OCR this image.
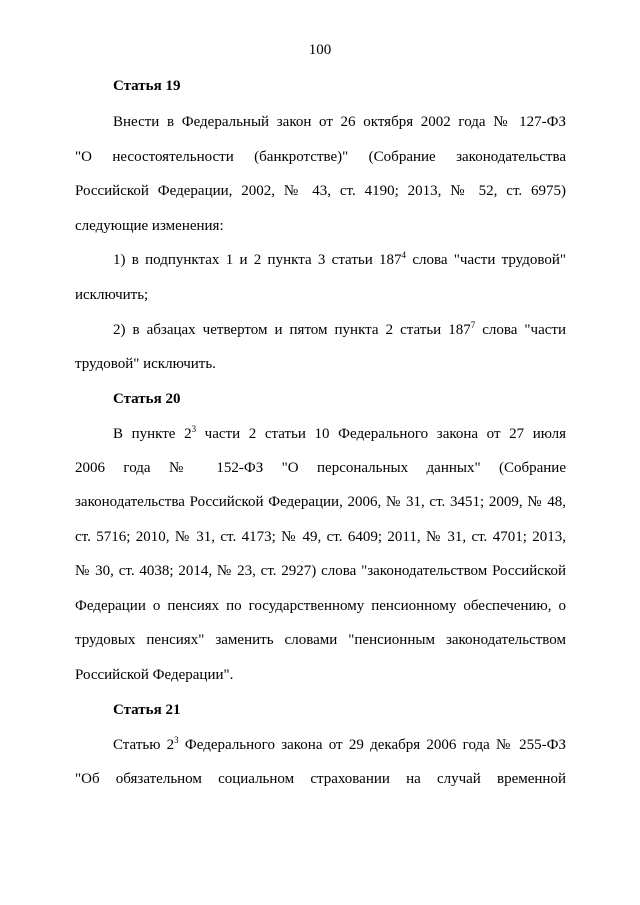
100
Статья 19
Внести в Федеральный закон от 26 октября 2002 года № 127-ФЗ
"О несостоятельности (банкротстве)" (Собрание законодательства
Российской Федерации, 2002, № 43, ст. 4190; 2013, № 52, ст. 6975)
следующие изменения:
1) в подпунктах 1 и 2 пункта 3 статьи $187^4$ слова "части трудовой"
исключить;
2) в абзацах четвертом и пятом пункта 2 статьи $187^7$ слова "части
трудовой" исключить.
Статья 20
В пункте $2^3$ части 2 статьи 10 Федерального закона от 27 июля
2006 года № 152-ФЗ "О персональных данных" (Собрание
законодательства Российской Федерации, 2006, № 31, ст. 3451; 2009, № 48,
ст. 5716; 2010, № 31, ст. 4173; № 49, ст. 6409; 2011, № 31, ст. 4701; 2013,
№ 30, ст. 4038; 2014, № 23, ст. 2927) слова "законодательством Российской
Федерации о пенсиях по государственному пенсионному обеспечению, о
трудовых пенсиях" заменить словами "пенсионным законодательством
Российской Федерации".
Статья 21
Статью $2^3$ Федерального закона от 29 декабря 2006 года № 255-ФЗ
"Об обязательном социальном страховании на случай временной
